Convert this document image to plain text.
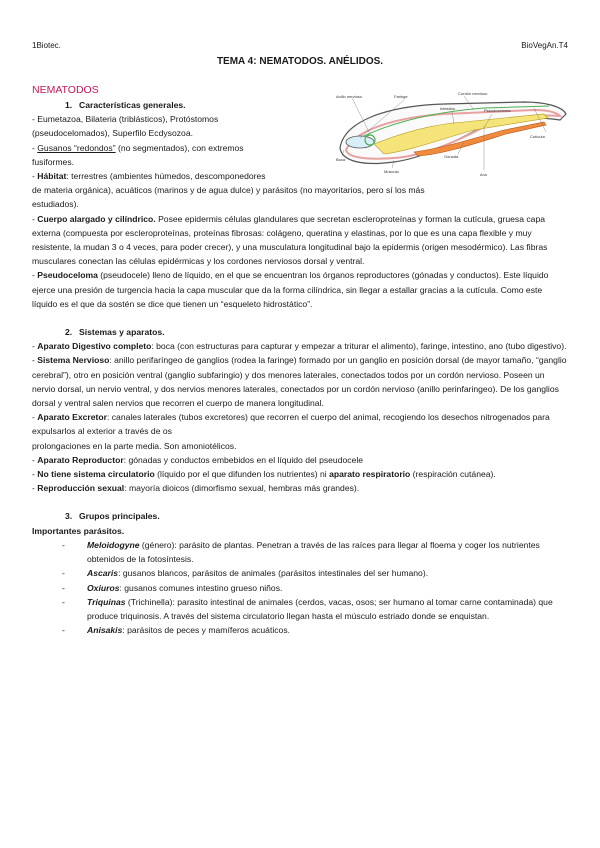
1Biotec.	BioVegAn.T4
TEMA 4: NEMATODOS. ANÉLIDOS.
Anillo nervioso	Faringe
Intestino	Pseudoceloma
Cordón nervioso
Gónada
Cutícula
Ano
Boca
Músculo
NEMATODOS
1. Características generales.

- Eumetazoa, Bilateria (triblásticos), Protóstomos

(pseudocelomados), Superfilo Ecdysozoa.

- Gusanos “redondos” (no segmentados), con extremos

fusiformes.

- Hábitat: terrestres (ambientes húmedos, descomponedores
de materia orgánica), acuáticos (marinos y de agua dulce) y parásitos (no mayoritarios, pero sí los más
estudiados).

- Cuerpo alargado y cilíndrico. Posee epidermis células glandulares que secretan escleroproteínas y forman la cutícula, gruesa capa externa (compuesta por escleroproteínas, proteínas fibrosas: colágeno, queratina y elastinas, por lo que es una capa flexible y muy resistente, la mudan 3 o 4 veces, para poder crecer), y una musculatura longitudinal bajo la epidermis (origen mesodérmico). Las fibras musculares conectan las células epidérmicas y los cordones nerviosos dorsal y ventral.

- Pseudoceloma (pseudocele) lleno de líquido, en el que se encuentran los órganos reproductores (gónadas y conductos). Este líquido ejerce una presión de turgencia hacia la capa muscular que da la forma cilíndrica, sin llegar a estallar gracias a la cutícula. Como este líquido es el que da sostén se dice que tienen un “esqueleto hidrostático”.

2. Sistemas y aparatos.

- Aparato Digestivo completo: boca (con estructuras para capturar y empezar a triturar el alimento), faringe, intestino, ano (tubo digestivo).

- Sistema Nervioso: anillo perifaríngeo de ganglios (rodea la faringe) formado por un ganglio en posición dorsal (de mayor tamaño, “ganglio cerebral”), otro en posición ventral (ganglio subfaringio) y dos menores laterales, conectados todos por un cordón nervioso. Poseen un nervio dorsal, un nervio ventral, y dos nervios menores laterales, conectados por un cordón nervioso (anillo perinfaringeo). De los ganglios dorsal y ventral salen nervios que recorren el cuerpo de manera longitudinal.

- Aparato Excretor: canales laterales (tubos excretores) que recorren el cuerpo del animal, recogiendo los desechos nitrogenados para expulsarlos al exterior a través de os
prolongaciones en la parte media. Son amoniotélicos.

- Aparato Reproductor: gónadas y conductos embebidos en el líquido del pseudocele

- No tiene sistema circulatorio (líquido por el que difunden los nutrientes) ni aparato respiratorio (respiración cutánea).

- Reproducción sexual: mayoría dioicos (dimorfismo sexual, hembras más grandes).

3. Grupos principales.

Importantes parásitos.

-	Meloidogyne (género): parásito de plantas. Penetran a través de las raíces para llegar al floema y coger los nutrientes obtenidos de la fotosíntesis.
-	Ascaris: gusanos blancos, parásitos de animales (parásitos intestinales del ser humano).
-	Oxiuros: gusanos comunes intestino grueso niños.
-	Triquinas (Trichinella): parasito intestinal de animales (cerdos, vacas, osos; ser humano al tomar carne contaminada) que produce triquinosis. A través del sistema circulatorio llegan hasta el músculo estriado donde se enquistan.
-	Anisakis: parásitos de peces y mamíferos acuáticos.
